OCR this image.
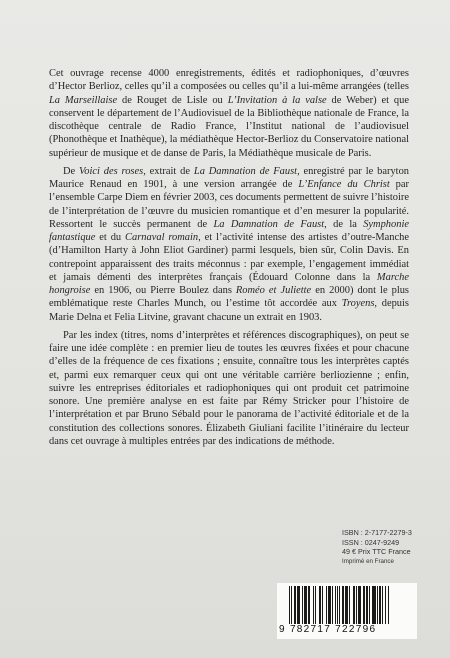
Cet ouvrage recense 4000 enregistrements, édités et radiophoniques, d’œuvres d’Hector Berlioz, celles qu’il a composées ou celles qu’il a lui-même arrangées (telles La Marseillaise de Rouget de Lisle ou L’Invitation à la valse de Weber) et que conservent le département de l’Audiovisuel de la Bibliothèque nationale de France, la discothèque centrale de Radio France, l’Institut national de l’audiovisuel (Phonothèque et Inathèque), la médiathèque Hector-Berlioz du Conservatoire national supérieur de musique et de danse de Paris, la Médiathèque musicale de Paris.

De Voici des roses, extrait de La Damnation de Faust, enregistré par le baryton Maurice Renaud en 1901, à une version arrangée de L’Enfance du Christ par l’ensemble Carpe Diem en février 2003, ces documents permettent de suivre l’histoire de l’interprétation de l’œuvre du musicien romantique et d’en mesurer la popularité. Ressortent le succès permanent de La Damnation de Faust, de la Symphonie fantastique et du Carnaval romain, et l’activité intense des artistes d’outre-Manche (d’Hamilton Harty à John Eliot Gardiner) parmi lesquels, bien sûr, Colin Davis. En contrepoint apparaissent des traits méconnus : par exemple, l’engagement immédiat et jamais démenti des interprètes français (Édouard Colonne dans la Marche hongroise en 1906, ou Pierre Boulez dans Roméo et Juliette en 2000) dont le plus emblématique reste Charles Munch, ou l’estime tôt accordée aux Troyens, depuis Marie Delna et Felia Litvine, gravant chacune un extrait en 1903.

Par les index (titres, noms d’interprètes et références discographiques), on peut se faire une idée complète : en premier lieu de toutes les œuvres fixées et pour chacune d’elles de la fréquence de ces fixations ; ensuite, connaître tous les interprètes captés et, parmi eux remarquer ceux qui ont une véritable carrière berliozienne ; enfin, suivre les entreprises éditoriales et radiophoniques qui ont produit cet patrimoine sonore. Une première analyse en est faite par Rémy Stricker pour l’histoire de l’interprétation et par Bruno Sébald pour le panorama de l’activité éditoriale et de la constitution des collections sonores. Élizabeth Giuliani facilite l’itinéraire du lecteur dans cet ouvrage à multiples entrées par des indications de méthode.

ISBN : 2-7177-2279-3
ISSN : 0247-9249
49 € Prix TTC France
Imprimé en France
9 782717 722796
